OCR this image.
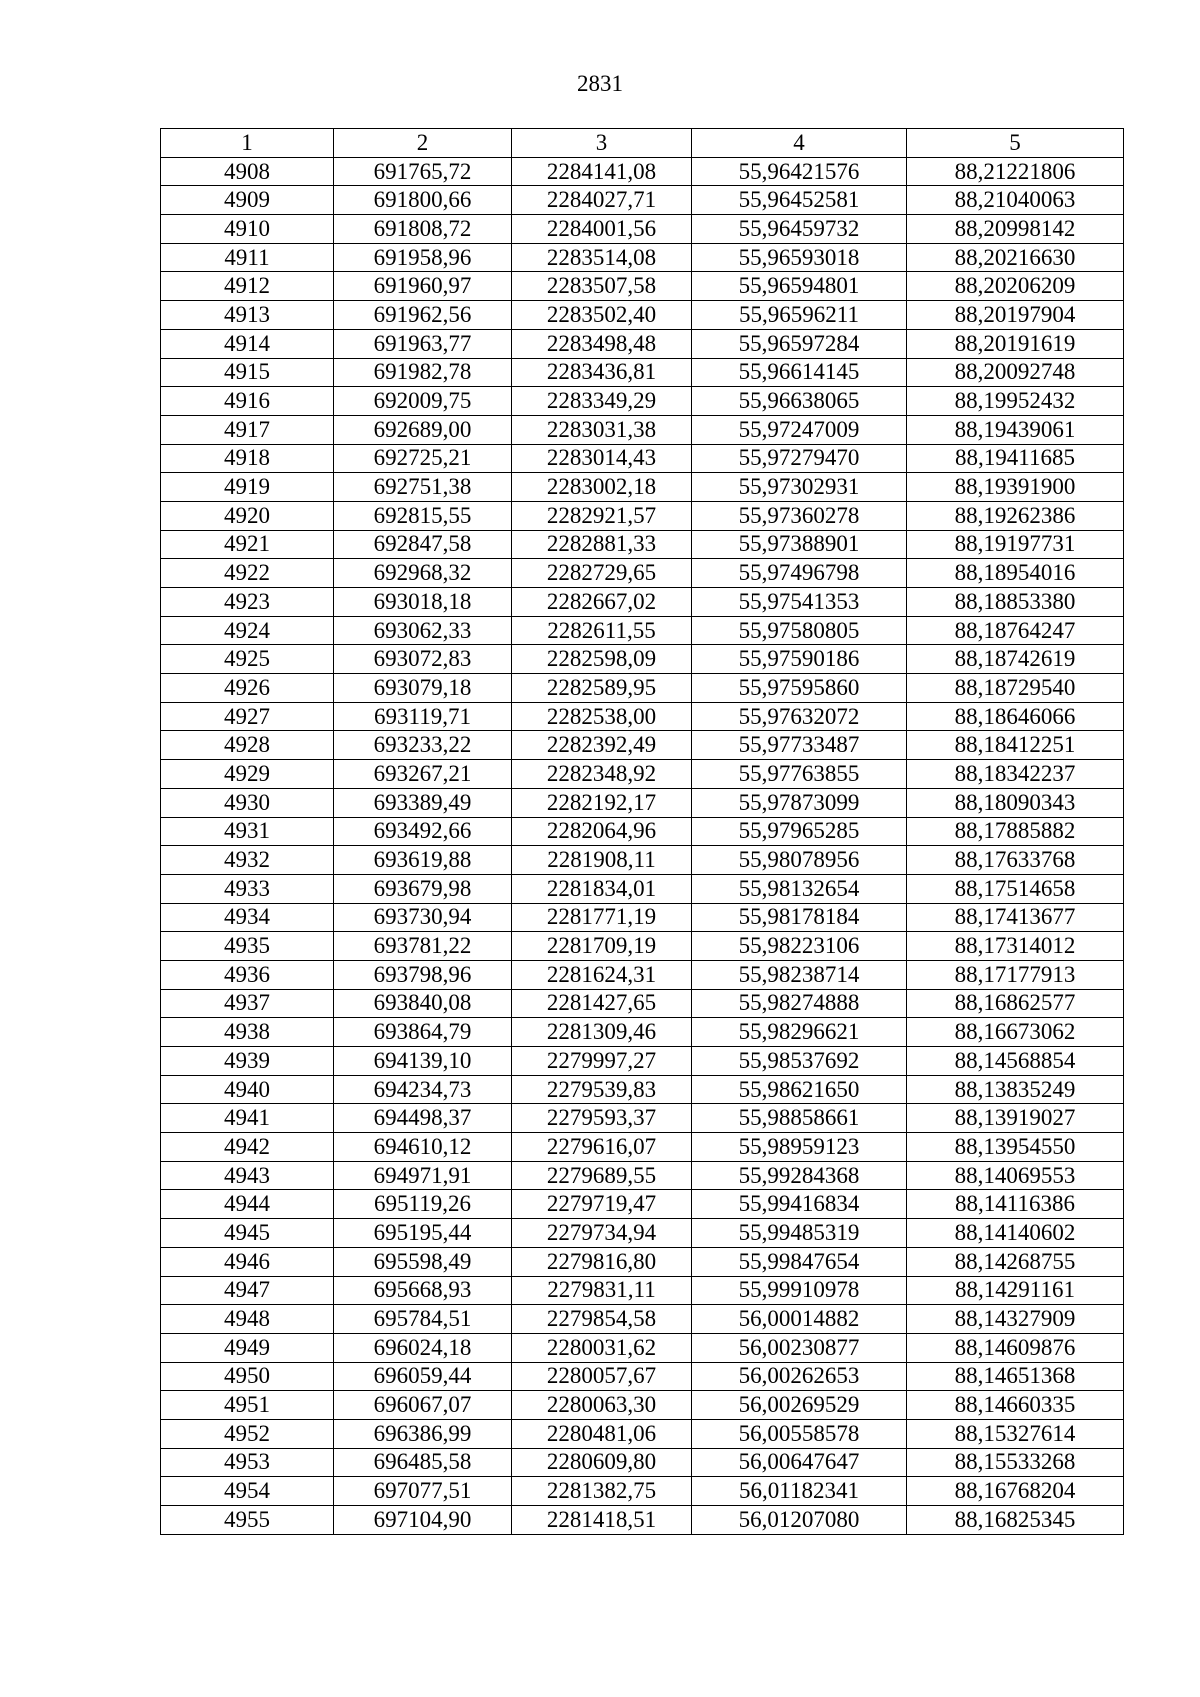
2831
1	2	3	4	5
4908	691765,72	2284141,08	55,96421576	88,21221806
4909	691800,66	2284027,71	55,96452581	88,21040063
4910	691808,72	2284001,56	55,96459732	88,20998142
4911	691958,96	2283514,08	55,96593018	88,20216630
4912	691960,97	2283507,58	55,96594801	88,20206209
4913	691962,56	2283502,40	55,96596211	88,20197904
4914	691963,77	2283498,48	55,96597284	88,20191619
4915	691982,78	2283436,81	55,96614145	88,20092748
4916	692009,75	2283349,29	55,96638065	88,19952432
4917	692689,00	2283031,38	55,97247009	88,19439061
4918	692725,21	2283014,43	55,97279470	88,19411685
4919	692751,38	2283002,18	55,97302931	88,19391900
4920	692815,55	2282921,57	55,97360278	88,19262386
4921	692847,58	2282881,33	55,97388901	88,19197731
4922	692968,32	2282729,65	55,97496798	88,18954016
4923	693018,18	2282667,02	55,97541353	88,18853380
4924	693062,33	2282611,55	55,97580805	88,18764247
4925	693072,83	2282598,09	55,97590186	88,18742619
4926	693079,18	2282589,95	55,97595860	88,18729540
4927	693119,71	2282538,00	55,97632072	88,18646066
4928	693233,22	2282392,49	55,97733487	88,18412251
4929	693267,21	2282348,92	55,97763855	88,18342237
4930	693389,49	2282192,17	55,97873099	88,18090343
4931	693492,66	2282064,96	55,97965285	88,17885882
4932	693619,88	2281908,11	55,98078956	88,17633768
4933	693679,98	2281834,01	55,98132654	88,17514658
4934	693730,94	2281771,19	55,98178184	88,17413677
4935	693781,22	2281709,19	55,98223106	88,17314012
4936	693798,96	2281624,31	55,98238714	88,17177913
4937	693840,08	2281427,65	55,98274888	88,16862577
4938	693864,79	2281309,46	55,98296621	88,16673062
4939	694139,10	2279997,27	55,98537692	88,14568854
4940	694234,73	2279539,83	55,98621650	88,13835249
4941	694498,37	2279593,37	55,98858661	88,13919027
4942	694610,12	2279616,07	55,98959123	88,13954550
4943	694971,91	2279689,55	55,99284368	88,14069553
4944	695119,26	2279719,47	55,99416834	88,14116386
4945	695195,44	2279734,94	55,99485319	88,14140602
4946	695598,49	2279816,80	55,99847654	88,14268755
4947	695668,93	2279831,11	55,99910978	88,14291161
4948	695784,51	2279854,58	56,00014882	88,14327909
4949	696024,18	2280031,62	56,00230877	88,14609876
4950	696059,44	2280057,67	56,00262653	88,14651368
4951	696067,07	2280063,30	56,00269529	88,14660335
4952	696386,99	2280481,06	56,00558578	88,15327614
4953	696485,58	2280609,80	56,00647647	88,15533268
4954	697077,51	2281382,75	56,01182341	88,16768204
4955	697104,90	2281418,51	56,01207080	88,16825345
